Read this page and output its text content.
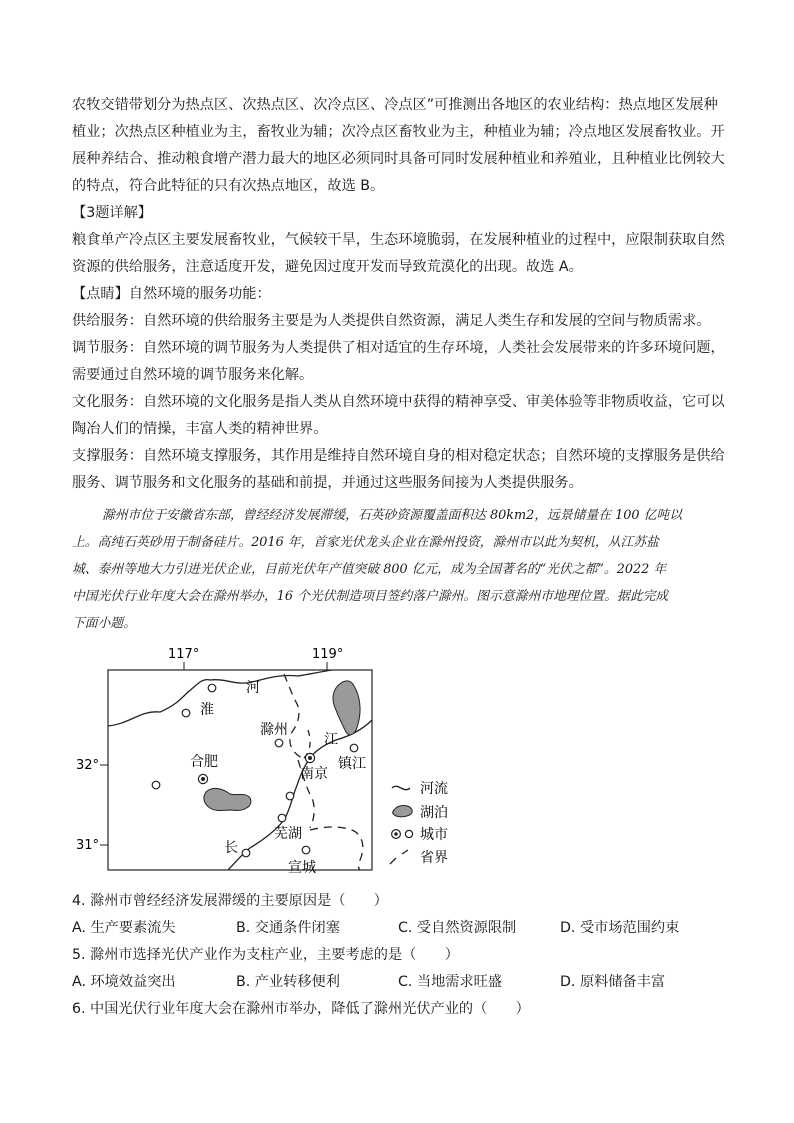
农牧交错带划分为热点区、次热点区、次冷点区、冷点区”可推测出各地区的农业结构：热点地区发展种
植业；次热点区种植业为主，畜牧业为辅；次冷点区畜牧业为主，种植业为辅；冷点地区发展畜牧业。开
展种养结合、推动粮食增产潜力最大的地区必须同时具备可同时发展种植业和养殖业，且种植业比例较大
的特点，符合此特征的只有次热点地区，故选 B。
【3题详解】
粮食单产冷点区主要发展畜牧业，气候较干旱，生态环境脆弱，在发展种植业的过程中，应限制获取自然
资源的供给服务，注意适度开发，避免因过度开发而导致荒漠化的出现。故选 A。
【点睛】自然环境的服务功能：
供给服务：自然环境的供给服务主要是为人类提供自然资源，满足人类生存和发展的空间与物质需求。
调节服务：自然环境的调节服务为人类提供了相对适宜的生存环境，人类社会发展带来的许多环境问题，
需要通过自然环境的调节服务来化解。
文化服务：自然环境的文化服务是指人类从自然环境中获得的精神享受、审美体验等非物质收益，它可以
陶冶人们的情操，丰富人类的精神世界。
支撑服务：自然环境支撑服务，其作用是维持自然环境自身的相对稳定状态；自然环境的支撑服务是供给
服务、调节服务和文化服务的基础和前提，并通过这些服务间接为人类提供服务。
滁州市位于安徽省东部，曾经经济发展滞缓，石英砂资源覆盖面积达 80km2，远景储量在 100 亿吨以
上。高纯石英砂用于制备硅片。2016 年，首家光伏龙头企业在滁州投资，滁州市以此为契机，从江苏盐
城、泰州等地大力引进光伏企业，目前光伏年产值突破 800 亿元，成为全国著名的“光伏之都”。2022 年
中国光伏行业年度大会在滁州举办，16 个光伏制造项目签约落户滁州。图示意滁州市地理位置。据此完成
下面小题。
117°	119°
32°
31°
淮
河
滁州
江
镇江
合肥
南京
芜湖
长
宣城
河流
湖泊
城市
省界
4. 滁州市曾经经济发展滞缓的主要原因是（　　）
A. 生产要素流失	B. 交通条件闭塞	C. 受自然资源限制	D. 受市场范围约束
5. 滁州市选择光伏产业作为支柱产业，主要考虑的是（　　）
A. 环境效益突出	B. 产业转移便利	C. 当地需求旺盛	D. 原料储备丰富
6. 中国光伏行业年度大会在滁州市举办，降低了滁州光伏产业的（　　）
